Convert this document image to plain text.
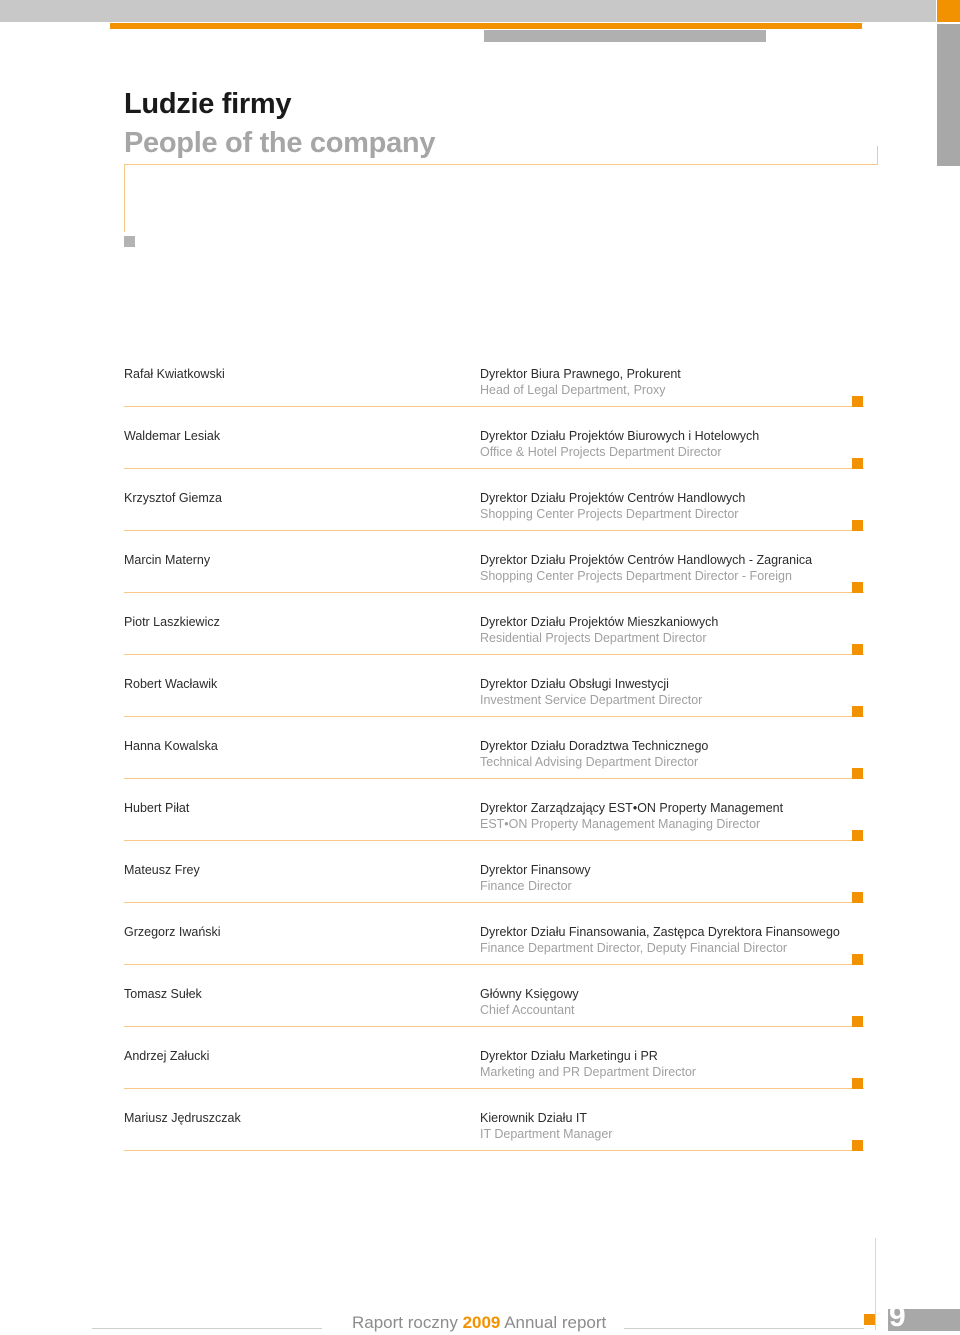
Ludzie firmy
People of the company
Rafał Kwiatkowski	Dyrektor Biura Prawnego, Prokurent
Head of Legal Department, Proxy
Waldemar Lesiak	Dyrektor Działu Projektów Biurowych i Hotelowych
Office & Hotel Projects Department Director
Krzysztof Giemza	Dyrektor Działu Projektów Centrów Handlowych
Shopping Center Projects Department Director
Marcin Materny	Dyrektor Działu Projektów Centrów Handlowych - Zagranica
Shopping Center Projects Department Director - Foreign
Piotr Laszkiewicz	Dyrektor Działu Projektów Mieszkaniowych
Residential Projects Department Director
Robert Wacławik	Dyrektor Działu Obsługi Inwestycji
Investment Service Department Director
Hanna Kowalska	Dyrektor Działu Doradztwa Technicznego
Technical Advising Department Director
Hubert Piłat	Dyrektor Zarządzający EST•ON Property Management
EST•ON Property Management Managing Director
Mateusz Frey	Dyrektor Finansowy
Finance Director
Grzegorz Iwański	Dyrektor Działu Finansowania, Zastępca Dyrektora Finansowego
Finance Department Director, Deputy Financial Director
Tomasz Sułek	Główny Księgowy
Chief Accountant
Andrzej Załucki	Dyrektor Działu Marketingu i PR
Marketing and PR Department Director
Mariusz Jędruszczak	Kierownik Działu IT
IT Department Manager
Raport roczny 2009 Annual report	9
